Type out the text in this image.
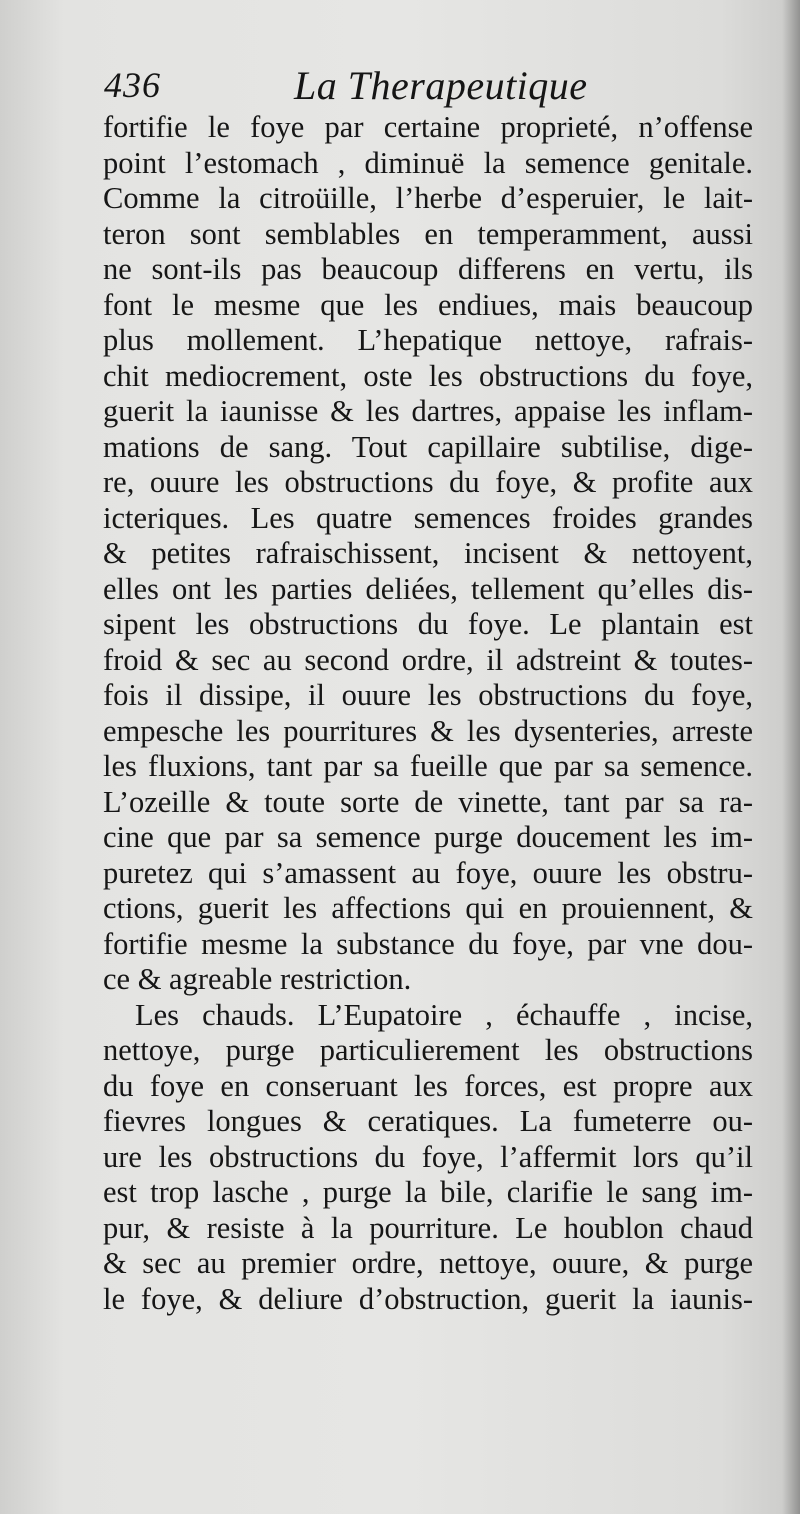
436	La Therapeutique
fortifie le foye par certaine proprieté, n’offense
point l’estomach , diminuë la semence genitale.
Comme la citroüille, l’herbe d’esperuier, le lait-
teron sont semblables en temperamment, aussi
ne sont-ils pas beaucoup differens en vertu, ils
font le mesme que les endiues, mais beaucoup
plus mollement. L’hepatique nettoye, rafrais-
chit mediocrement, oste les obstructions du foye,
guerit la iaunisse & les dartres, appaise les inflam-
mations de sang. Tout capillaire subtilise, dige-
re, ouure les obstructions du foye, & profite aux
icteriques. Les quatre semences froides grandes
& petites rafraischissent, incisent & nettoyent,
elles ont les parties deliées, tellement qu’elles dis-
sipent les obstructions du foye. Le plantain est
froid & sec au second ordre, il adstreint & toutes-
fois il dissipe, il ouure les obstructions du foye,
empesche les pourritures & les dysenteries, arreste
les fluxions, tant par sa fueille que par sa semence.
L’ozeille & toute sorte de vinette, tant par sa ra-
cine que par sa semence purge doucement les im-
puretez qui s’amassent au foye, ouure les obstru-
ctions, guerit les affections qui en prouiennent, &
fortifie mesme la substance du foye, par vne dou-
ce & agreable restriction.
Les chauds. L’Eupatoire , échauffe , incise,
nettoye, purge particulierement les obstructions
du foye en conseruant les forces, est propre aux
fievres longues & ceratiques. La fumeterre ou-
ure les obstructions du foye, l’affermit lors qu’il
est trop lasche , purge la bile, clarifie le sang im-
pur, & resiste à la pourriture. Le houblon chaud
& sec au premier ordre, nettoye, ouure, & purge
le foye, & deliure d’obstruction, guerit la iaunis-
